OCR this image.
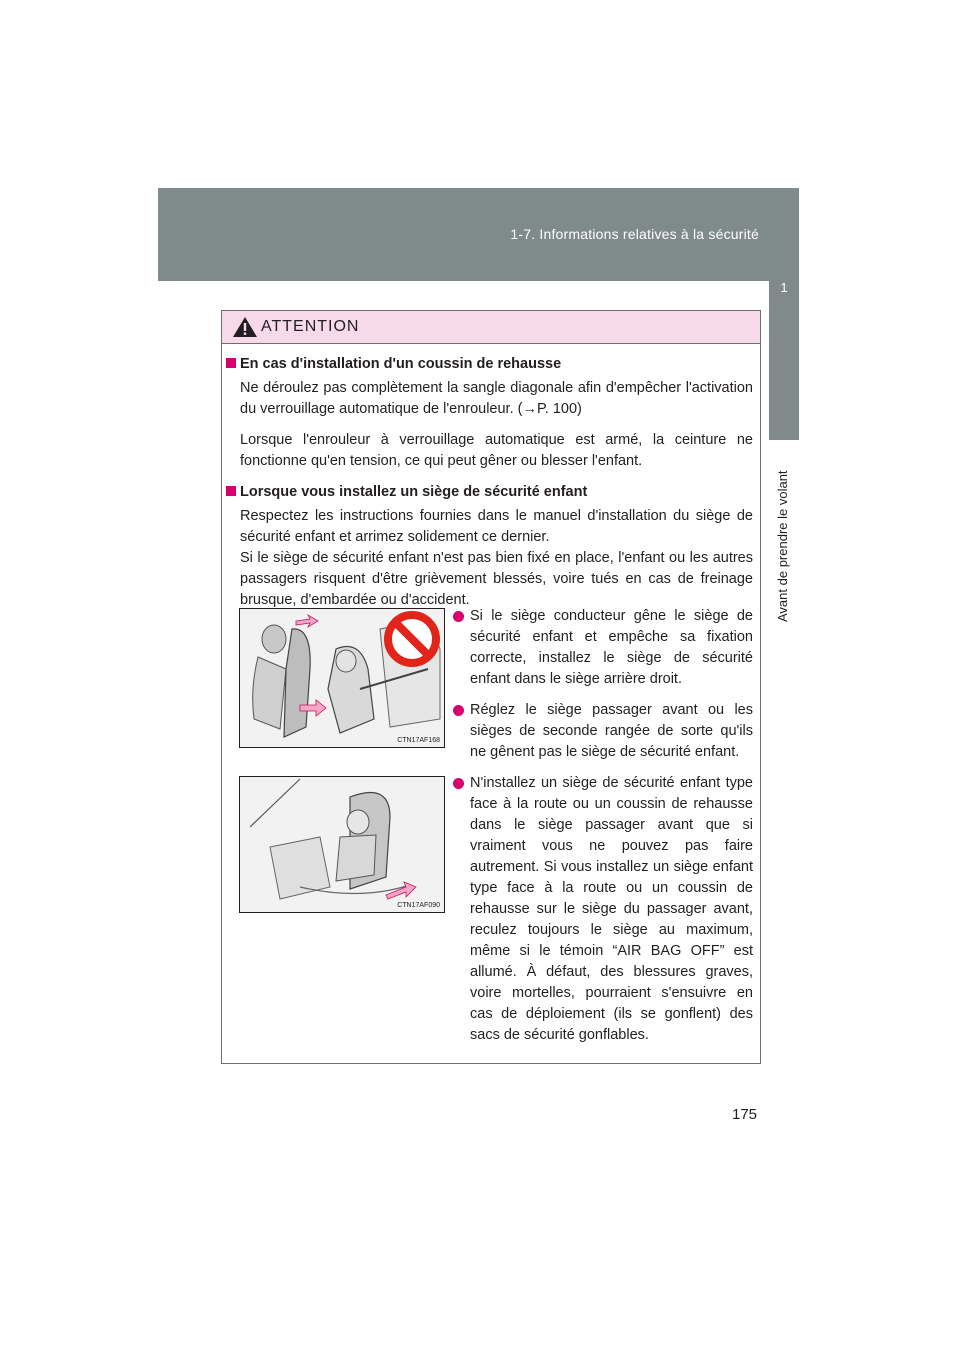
1-7. Informations relatives à la sécurité
1
Avant de prendre le volant
ATTENTION
En cas d'installation d'un coussin de rehausse

Ne déroulez pas complètement la sangle diagonale afin d'empêcher l'activation du verrouillage automatique de l'enrouleur. (→P. 100)

Lorsque l'enrouleur à verrouillage automatique est armé, la ceinture ne fonctionne qu'en tension, ce qui peut gêner ou blesser l'enfant.

Lorsque vous installez un siège de sécurité enfant

Respectez les instructions fournies dans le manuel d'installation du siège de sécurité enfant et arrimez solidement ce dernier.

Si le siège de sécurité enfant n'est pas bien fixé en place, l'enfant ou les autres passagers risquent d'être grièvement blessés, voire tués en cas de freinage brusque, d'embardée ou d'accident.

CTN17AF168
CTN17AF090
Si le siège conducteur gêne le siège de sécurité enfant et empêche sa fixation correcte, installez le siège de sécurité enfant dans le siège arrière droit.
Réglez le siège passager avant ou les sièges de seconde rangée de sorte qu'ils ne gênent pas le siège de sécurité enfant.
N'installez un siège de sécurité enfant type face à la route ou un coussin de rehausse dans le siège passager avant que si vraiment vous ne pouvez pas faire autrement. Si vous installez un siège enfant type face à la route ou un coussin de rehausse sur le siège du passager avant, reculez toujours le siège au maximum, même si le témoin “AIR BAG OFF” est allumé. À défaut, des blessures graves, voire mortelles, pourraient s'ensuivre en cas de déploiement (ils se gonflent) des sacs de sécurité gonflables.
175
